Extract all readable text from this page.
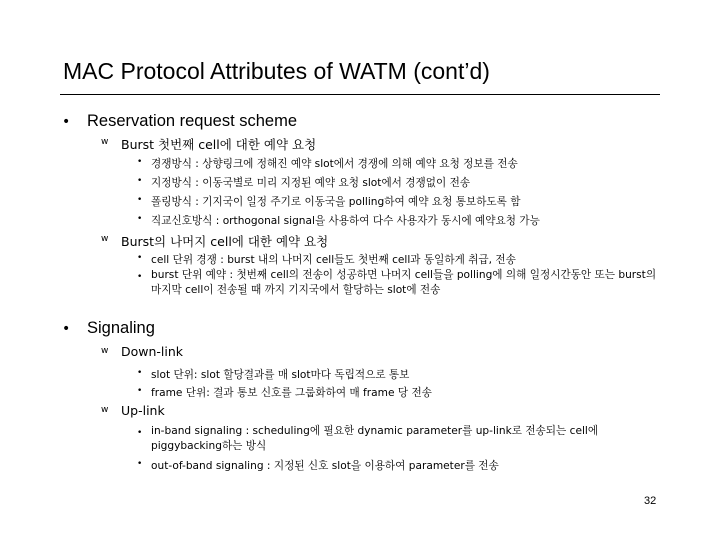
MAC Protocol Attributes of WATM (cont’d)
• Reservation request scheme
w Burst 첫번째 cell에 대한 예약 요청
• 경쟁방식 : 상향링크에 정해진 예약 slot에서 경쟁에 의해 예약 요청 정보를 전송
• 지정방식 : 이동국별로 미리 지정된 예약 요청 slot에서 경쟁없이 전송
• 폴링방식 : 기지국이 일정 주기로 이동국을 polling하여 예약 요청 통보하도록 함
• 직교신호방식 : orthogonal signal을 사용하여 다수 사용자가 동시에 예약요청 가능
w Burst의 나머지 cell에 대한 예약 요청
• cell 단위 경쟁 : burst 내의 나머지 cell들도 첫번째 cell과 동일하게 취급, 전송
• burst 단위 예약 : 첫번째 cell의 전송이 성공하면 나머지 cell들을 polling에 의해 일정시간동안 또는 burst의 마지막 cell이 전송될 때 까지 기지국에서 할당하는 slot에 전송
• Signaling
w Down-link
• slot 단위: slot 할당결과를 매 slot마다 독립적으로 통보
• frame 단위: 결과 통보 신호를 그룹화하여 매 frame 당 전송
w Up-link
• in-band signaling : scheduling에 필요한 dynamic parameter를 up-link로 전송되는 cell에 piggybacking하는 방식
• out-of-band signaling : 지정된 신호 slot을 이용하여 parameter를 전송
32
